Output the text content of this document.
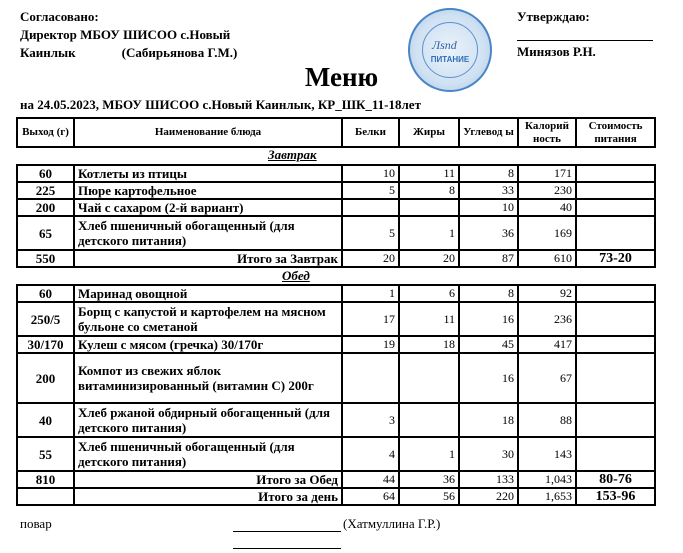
Согласовано:
Директор МБОУ ШИСОО с.Новый
Каинлык	(Сабирьянова Г.М.)	Лsnd
ПИТАНИЕ
Утверждаю:
Минязов Р.Н.
Меню
на 24.05.2023, МБОУ ШИСОО с.Новый Каинлык, КР_ШК_11-18лет
Выход (г)	Наименование блюда	Белки	Жиры	Углевод ы	Калорий ность	Стоимость питания
Завтрак
60	Котлеты из птицы	10	11	8	171	
225	Пюре картофельное	5	8	33	230	
200	Чай с сахаром (2-й вариант)			10	40	
65	Хлеб пшеничный обогащенный (для детского питания)	5	1	36	169	
550	Итого за Завтрак	20	20	87	610	73-20
Обед
60	Маринад овощной	1	6	8	92	
250/5	Борщ с капустой и картофелем на мясном бульоне со сметаной	17	11	16	236	
30/170	Кулеш с мясом (гречка) 30/170г	19	18	45	417	
200	Компот из свежих яблок витаминизированный (витамин С) 200г			16	67	
40	Хлеб ржаной обдирный обогащенный (для детского питания)	3		18	88	
55	Хлеб пшеничный обогащенный (для детского питания)	4	1	30	143	
810	Итого за Обед	44	36	133	1,043	80-76
	Итого за день	64	56	220	1,653	153-96
повар	(Хатмуллина Г.Р.)
